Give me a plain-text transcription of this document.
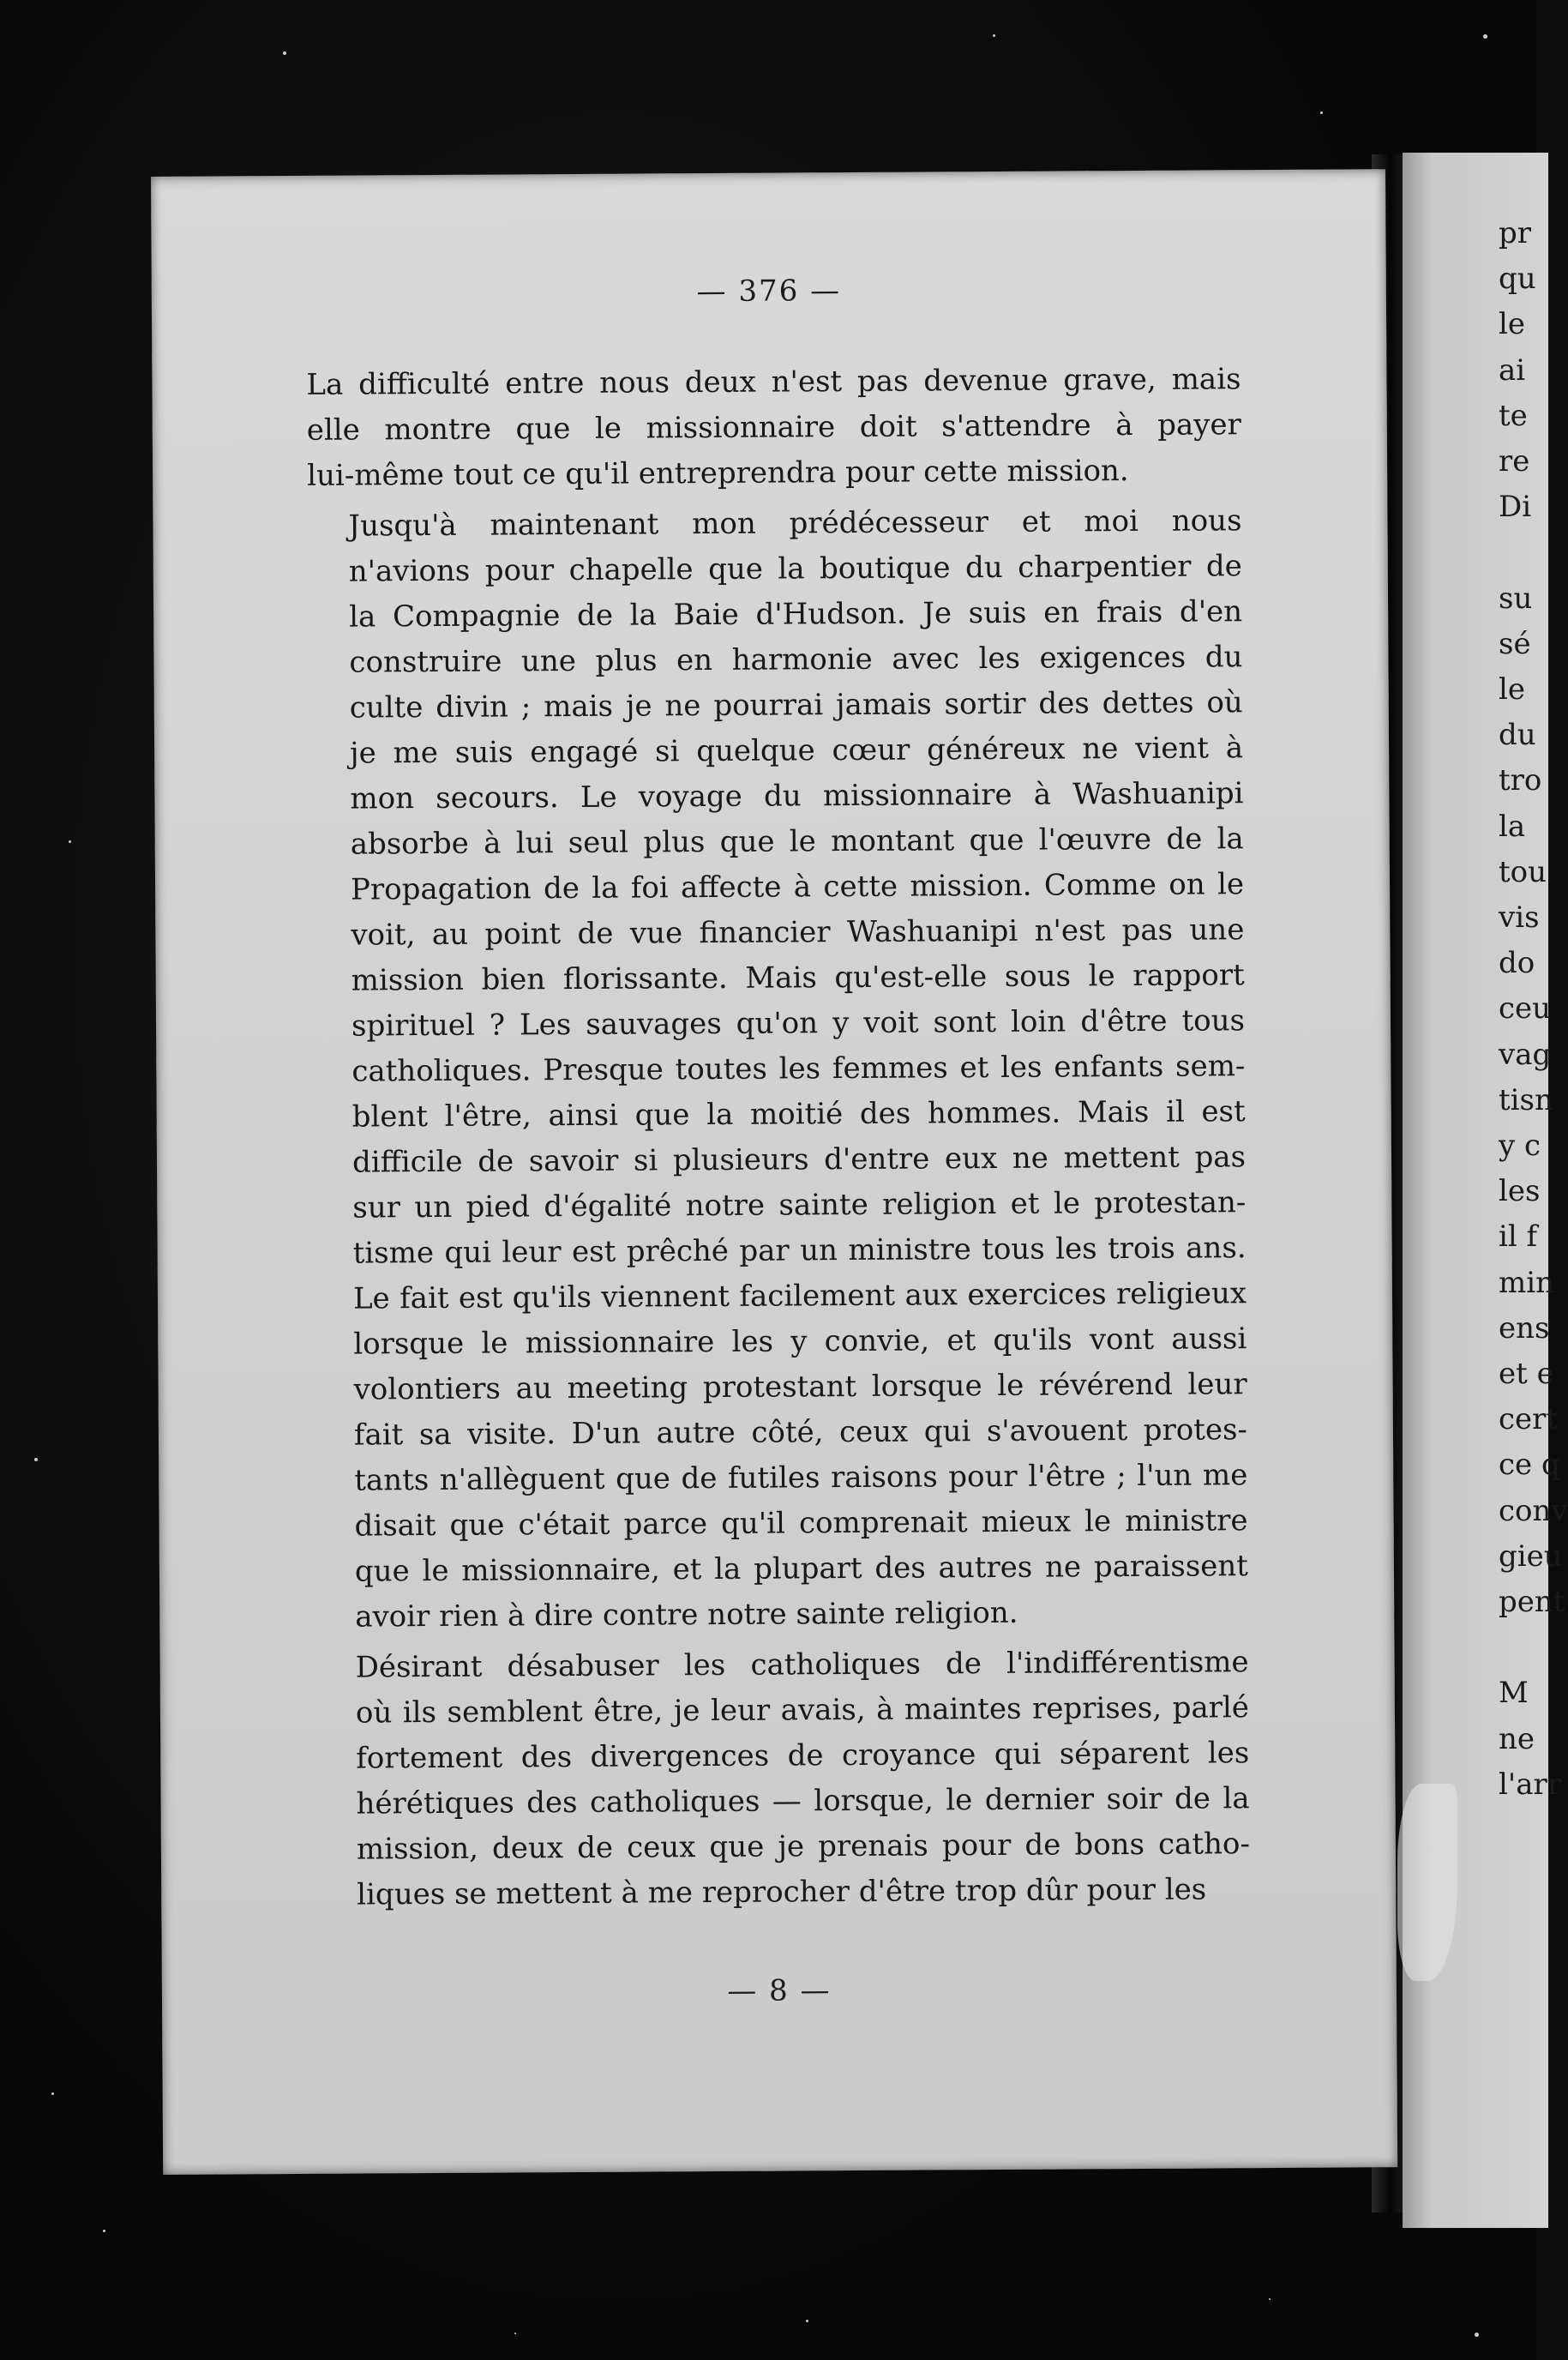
pr
qu
le
ai
te
re
Di
su
sé
le
du
tro
la
tou
vis
do
ceu
vag
tisn
y c
les
il f
min
ens
et e
cert
ce q
conv
gieu
pent
M
ne
l'arr
— 376 —

La difficulté entre nous deux n'est pas devenue grave, mais
elle montre que le missionnaire doit s'attendre à payer
lui-même tout ce qu'il entreprendra pour cette mission.

Jusqu'à maintenant mon prédécesseur et moi nous
n'avions pour chapelle que la boutique du charpentier de
la Compagnie de la Baie d'Hudson. Je suis en frais d'en
construire une plus en harmonie avec les exigences du
culte divin ; mais je ne pourrai jamais sortir des dettes où
je me suis engagé si quelque cœur généreux ne vient à
mon secours. Le voyage du missionnaire à Washuanipi
absorbe à lui seul plus que le montant que l'œuvre de la
Propagation de la foi affecte à cette mission. Comme on le
voit, au point de vue financier Washuanipi n'est pas une
mission bien florissante. Mais qu'est-elle sous le rapport
spirituel ? Les sauvages qu'on y voit sont loin d'être tous
catholiques. Presque toutes les femmes et les enfants sem-
blent l'être, ainsi que la moitié des hommes. Mais il est
difficile de savoir si plusieurs d'entre eux ne mettent pas
sur un pied d'égalité notre sainte religion et le protestan-
tisme qui leur est prêché par un ministre tous les trois ans.
Le fait est qu'ils viennent facilement aux exercices religieux
lorsque le missionnaire les y convie, et qu'ils vont aussi
volontiers au meeting protestant lorsque le révérend leur
fait sa visite. D'un autre côté, ceux qui s'avouent protes-
tants n'allèguent que de futiles raisons pour l'être ; l'un me
disait que c'était parce qu'il comprenait mieux le ministre
que le missionnaire, et la plupart des autres ne paraissent
avoir rien à dire contre notre sainte religion.

Désirant désabuser les catholiques de l'indifférentisme
où ils semblent être, je leur avais, à maintes reprises, parlé
fortement des divergences de croyance qui séparent les
hérétiques des catholiques — lorsque, le dernier soir de la
mission, deux de ceux que je prenais pour de bons catho-
liques se mettent à me reprocher d'être trop dûr pour les

— 8 —
